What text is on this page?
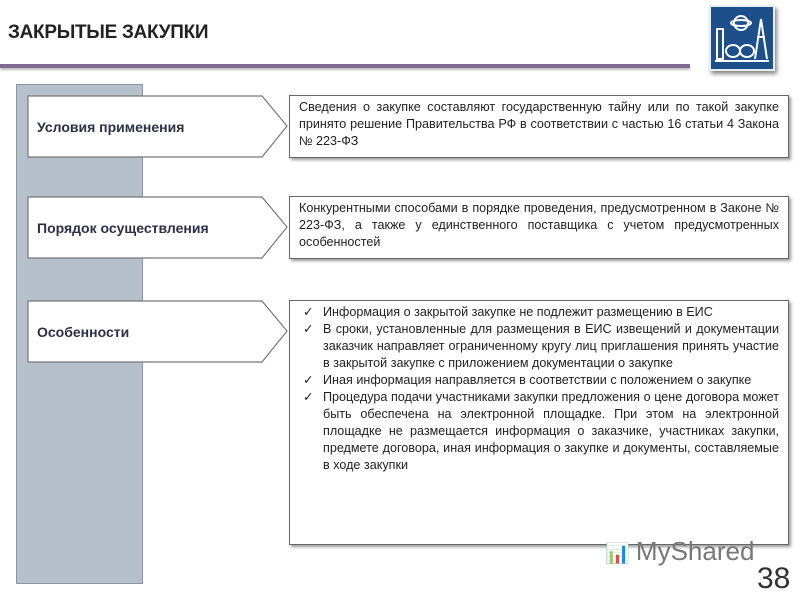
ЗАКРЫТЫЕ ЗАКУПКИ
Условия применения
Порядок осуществления
Особенности
Сведения о закупке составляют государственную тайну или по такой закупке принято решение Правительства РФ в соответствии с частью 16 статьи 4 Закона № 223-ФЗ
Конкурентными способами в порядке проведения, предусмотренном в Законе № 223-ФЗ, а также у единственного поставщика с учетом предусмотренных особенностей
✓ Информация о закрытой закупке не подлежит размещению в ЕИС
✓ В сроки, установленные для размещения в ЕИС извещений и документации заказчик направляет ограниченному кругу лиц приглашения принять участие в закрытой закупке с приложением документации о закупке
✓ Иная информация направляется в соответствии с положением о закупке
✓ Процедура подачи участниками закупки предложения о цене договора может быть обеспечена на электронной площадке. При этом на электронной площадке не размещается информация о заказчике, участниках закупки, предмете договора, иная информация о закупке и документы, составляемые в ходе закупки
📊 MyShared
38
